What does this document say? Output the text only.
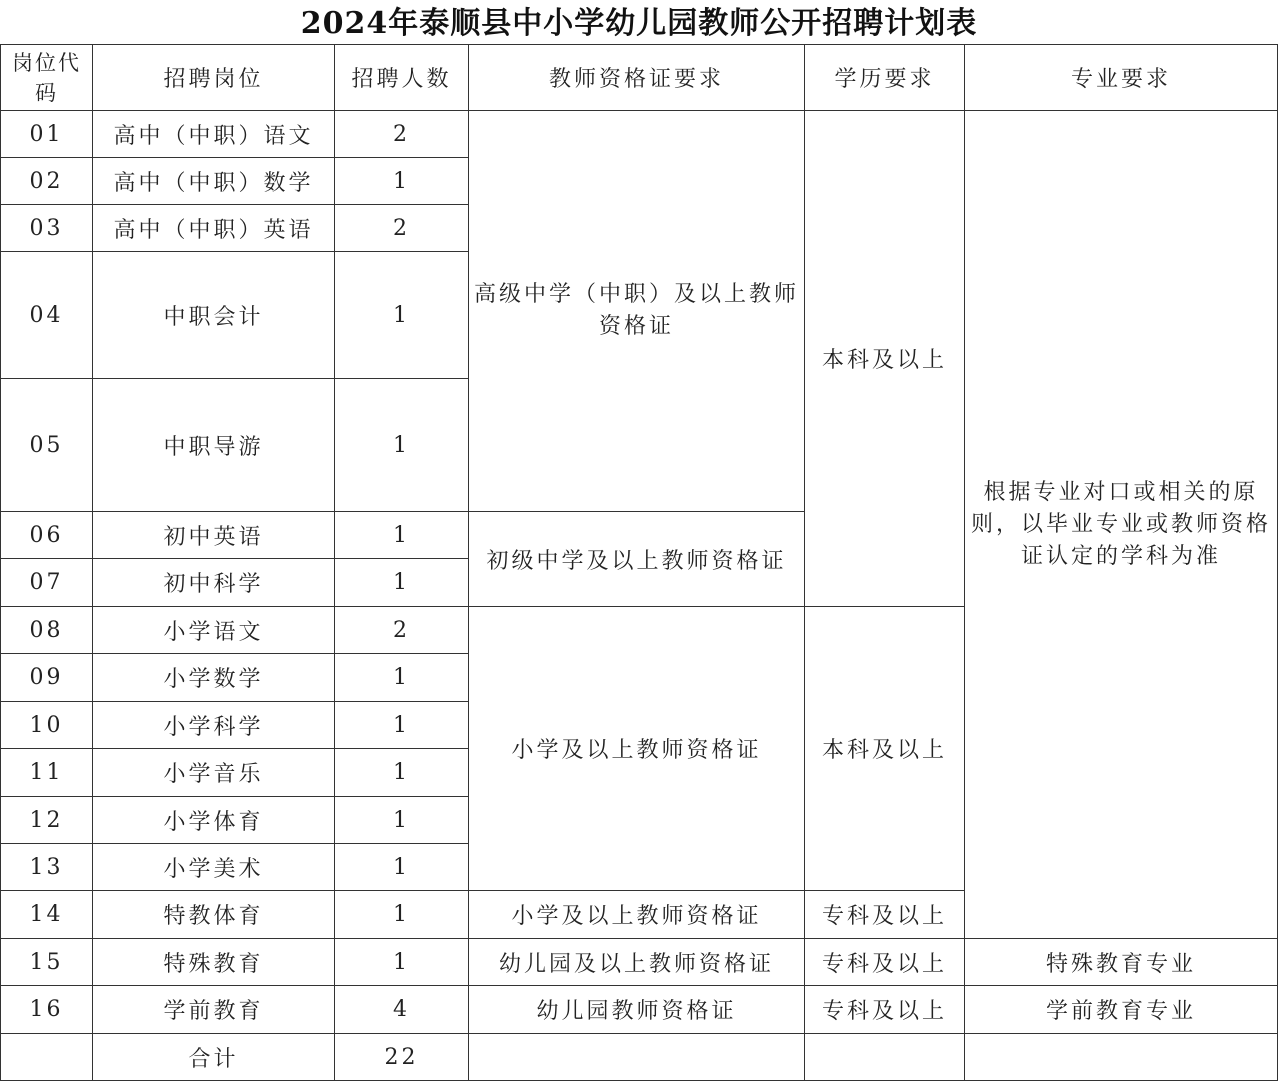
2024年泰顺县中小学幼儿园教师公开招聘计划表
岗位代码	招聘岗位	招聘人数	教师资格证要求	学历要求	专业要求
01	高中（中职）语文	2	高级中学（中职）及以上教师资格证	本科及以上	根据专业对口或相关的原则，以毕业专业或教师资格证认定的学科为准
02	高中（中职）数学	1			
03	高中（中职）英语	2			
04	中职会计	1			
05	中职导游	1			
06	初中英语	1	初级中学及以上教师资格证		
07	初中科学	1			
08	小学语文	2	小学及以上教师资格证	本科及以上	
09	小学数学	1			
10	小学科学	1			
11	小学音乐	1			
12	小学体育	1			
13	小学美术	1			
14	特教体育	1	小学及以上教师资格证	专科及以上	
15	特殊教育	1	幼儿园及以上教师资格证	专科及以上	特殊教育专业
16	学前教育	4	幼儿园教师资格证	专科及以上	学前教育专业
	合计	22			
